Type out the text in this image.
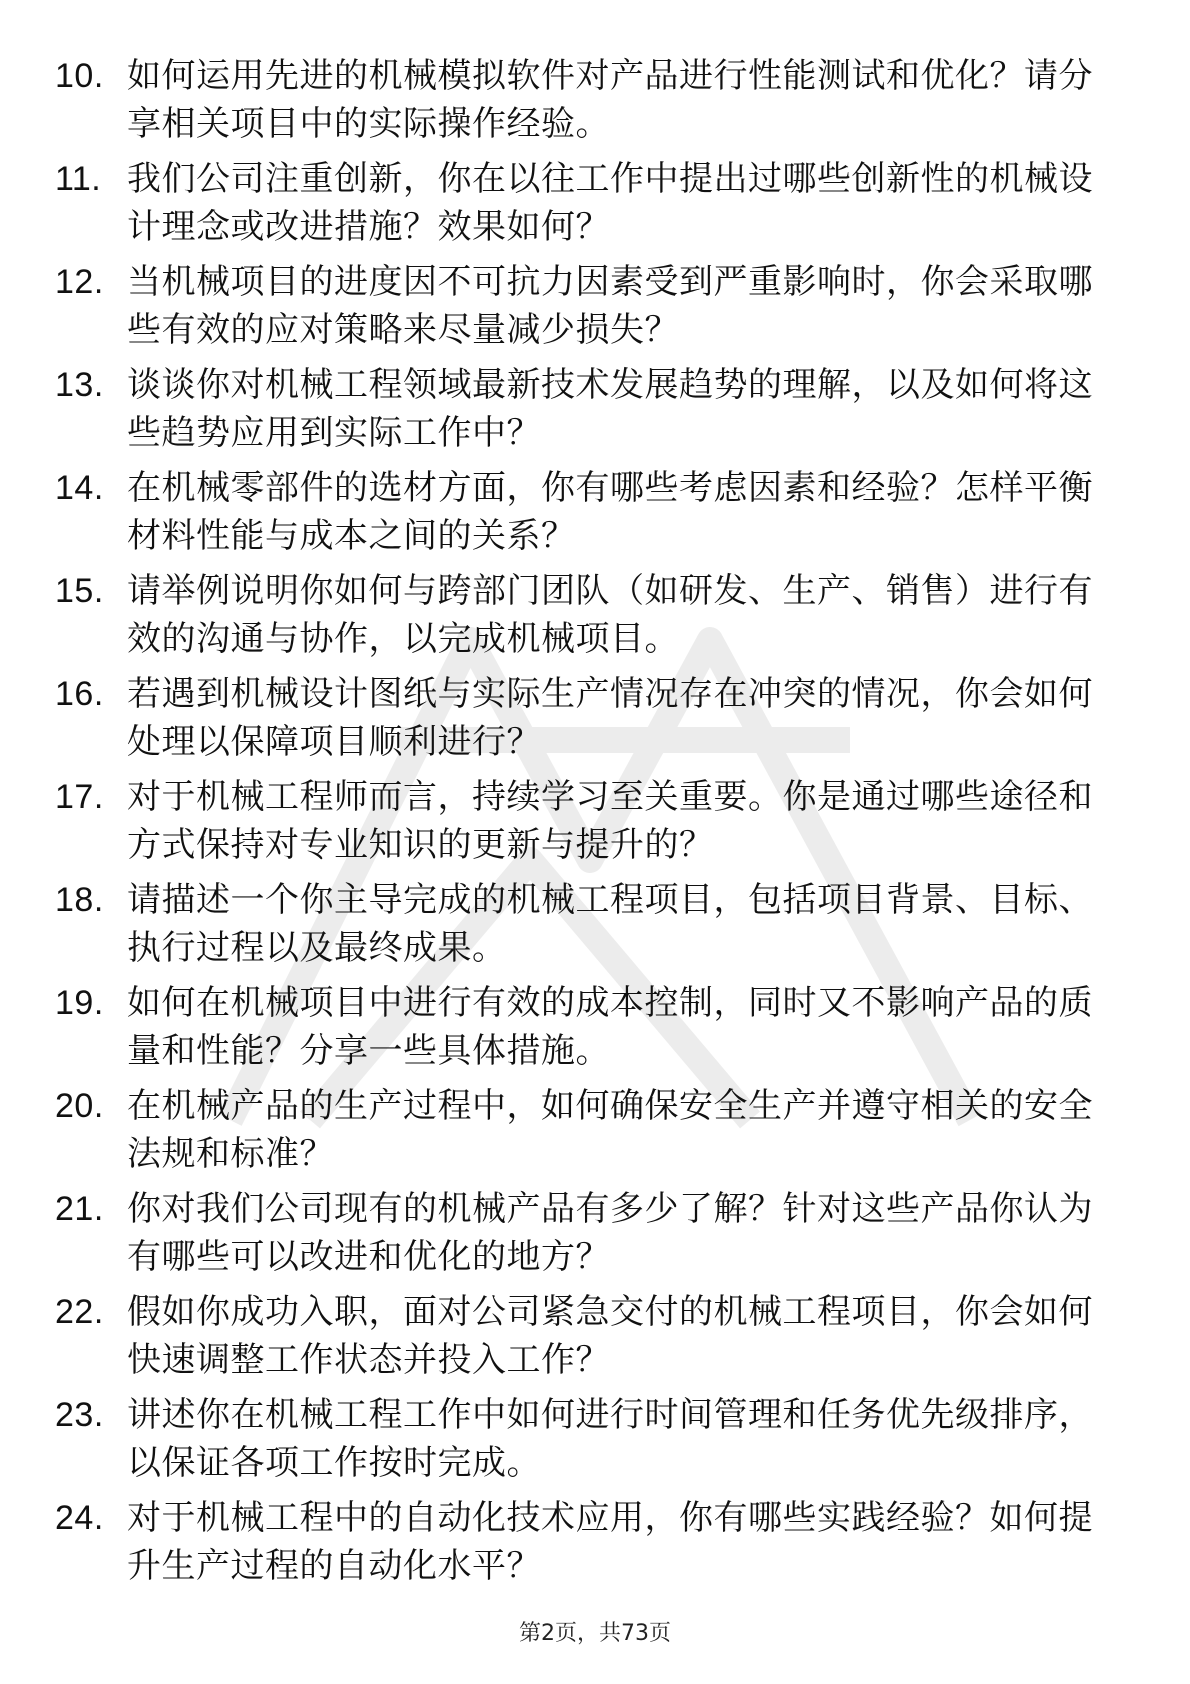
10. 如何运用先进的机械模拟软件对产品进行性能测试和优化？请分享相关项目中的实际操作经验。
11. 我们公司注重创新，你在以往工作中提出过哪些创新性的机械设计理念或改进措施？效果如何？
12. 当机械项目的进度因不可抗力因素受到严重影响时，你会采取哪些有效的应对策略来尽量减少损失？
13. 谈谈你对机械工程领域最新技术发展趋势的理解，以及如何将这些趋势应用到实际工作中？
14. 在机械零部件的选材方面，你有哪些考虑因素和经验？怎样平衡材料性能与成本之间的关系？
15. 请举例说明你如何与跨部门团队（如研发、生产、销售）进行有效的沟通与协作，以完成机械项目。
16. 若遇到机械设计图纸与实际生产情况存在冲突的情况，你会如何处理以保障项目顺利进行？
17. 对于机械工程师而言，持续学习至关重要。你是通过哪些途径和方式保持对专业知识的更新与提升的？
18. 请描述一个你主导完成的机械工程项目，包括项目背景、目标、执行过程以及最终成果。
19. 如何在机械项目中进行有效的成本控制，同时又不影响产品的质量和性能？分享一些具体措施。
20. 在机械产品的生产过程中，如何确保安全生产并遵守相关的安全法规和标准？
21. 你对我们公司现有的机械产品有多少了解？针对这些产品你认为有哪些可以改进和优化的地方？
22. 假如你成功入职，面对公司紧急交付的机械工程项目，你会如何快速调整工作状态并投入工作？
23. 讲述你在机械工程工作中如何进行时间管理和任务优先级排序，以保证各项工作按时完成。
24. 对于机械工程中的自动化技术应用，你有哪些实践经验？如何提升生产过程的自动化水平？
第2页，共73页
